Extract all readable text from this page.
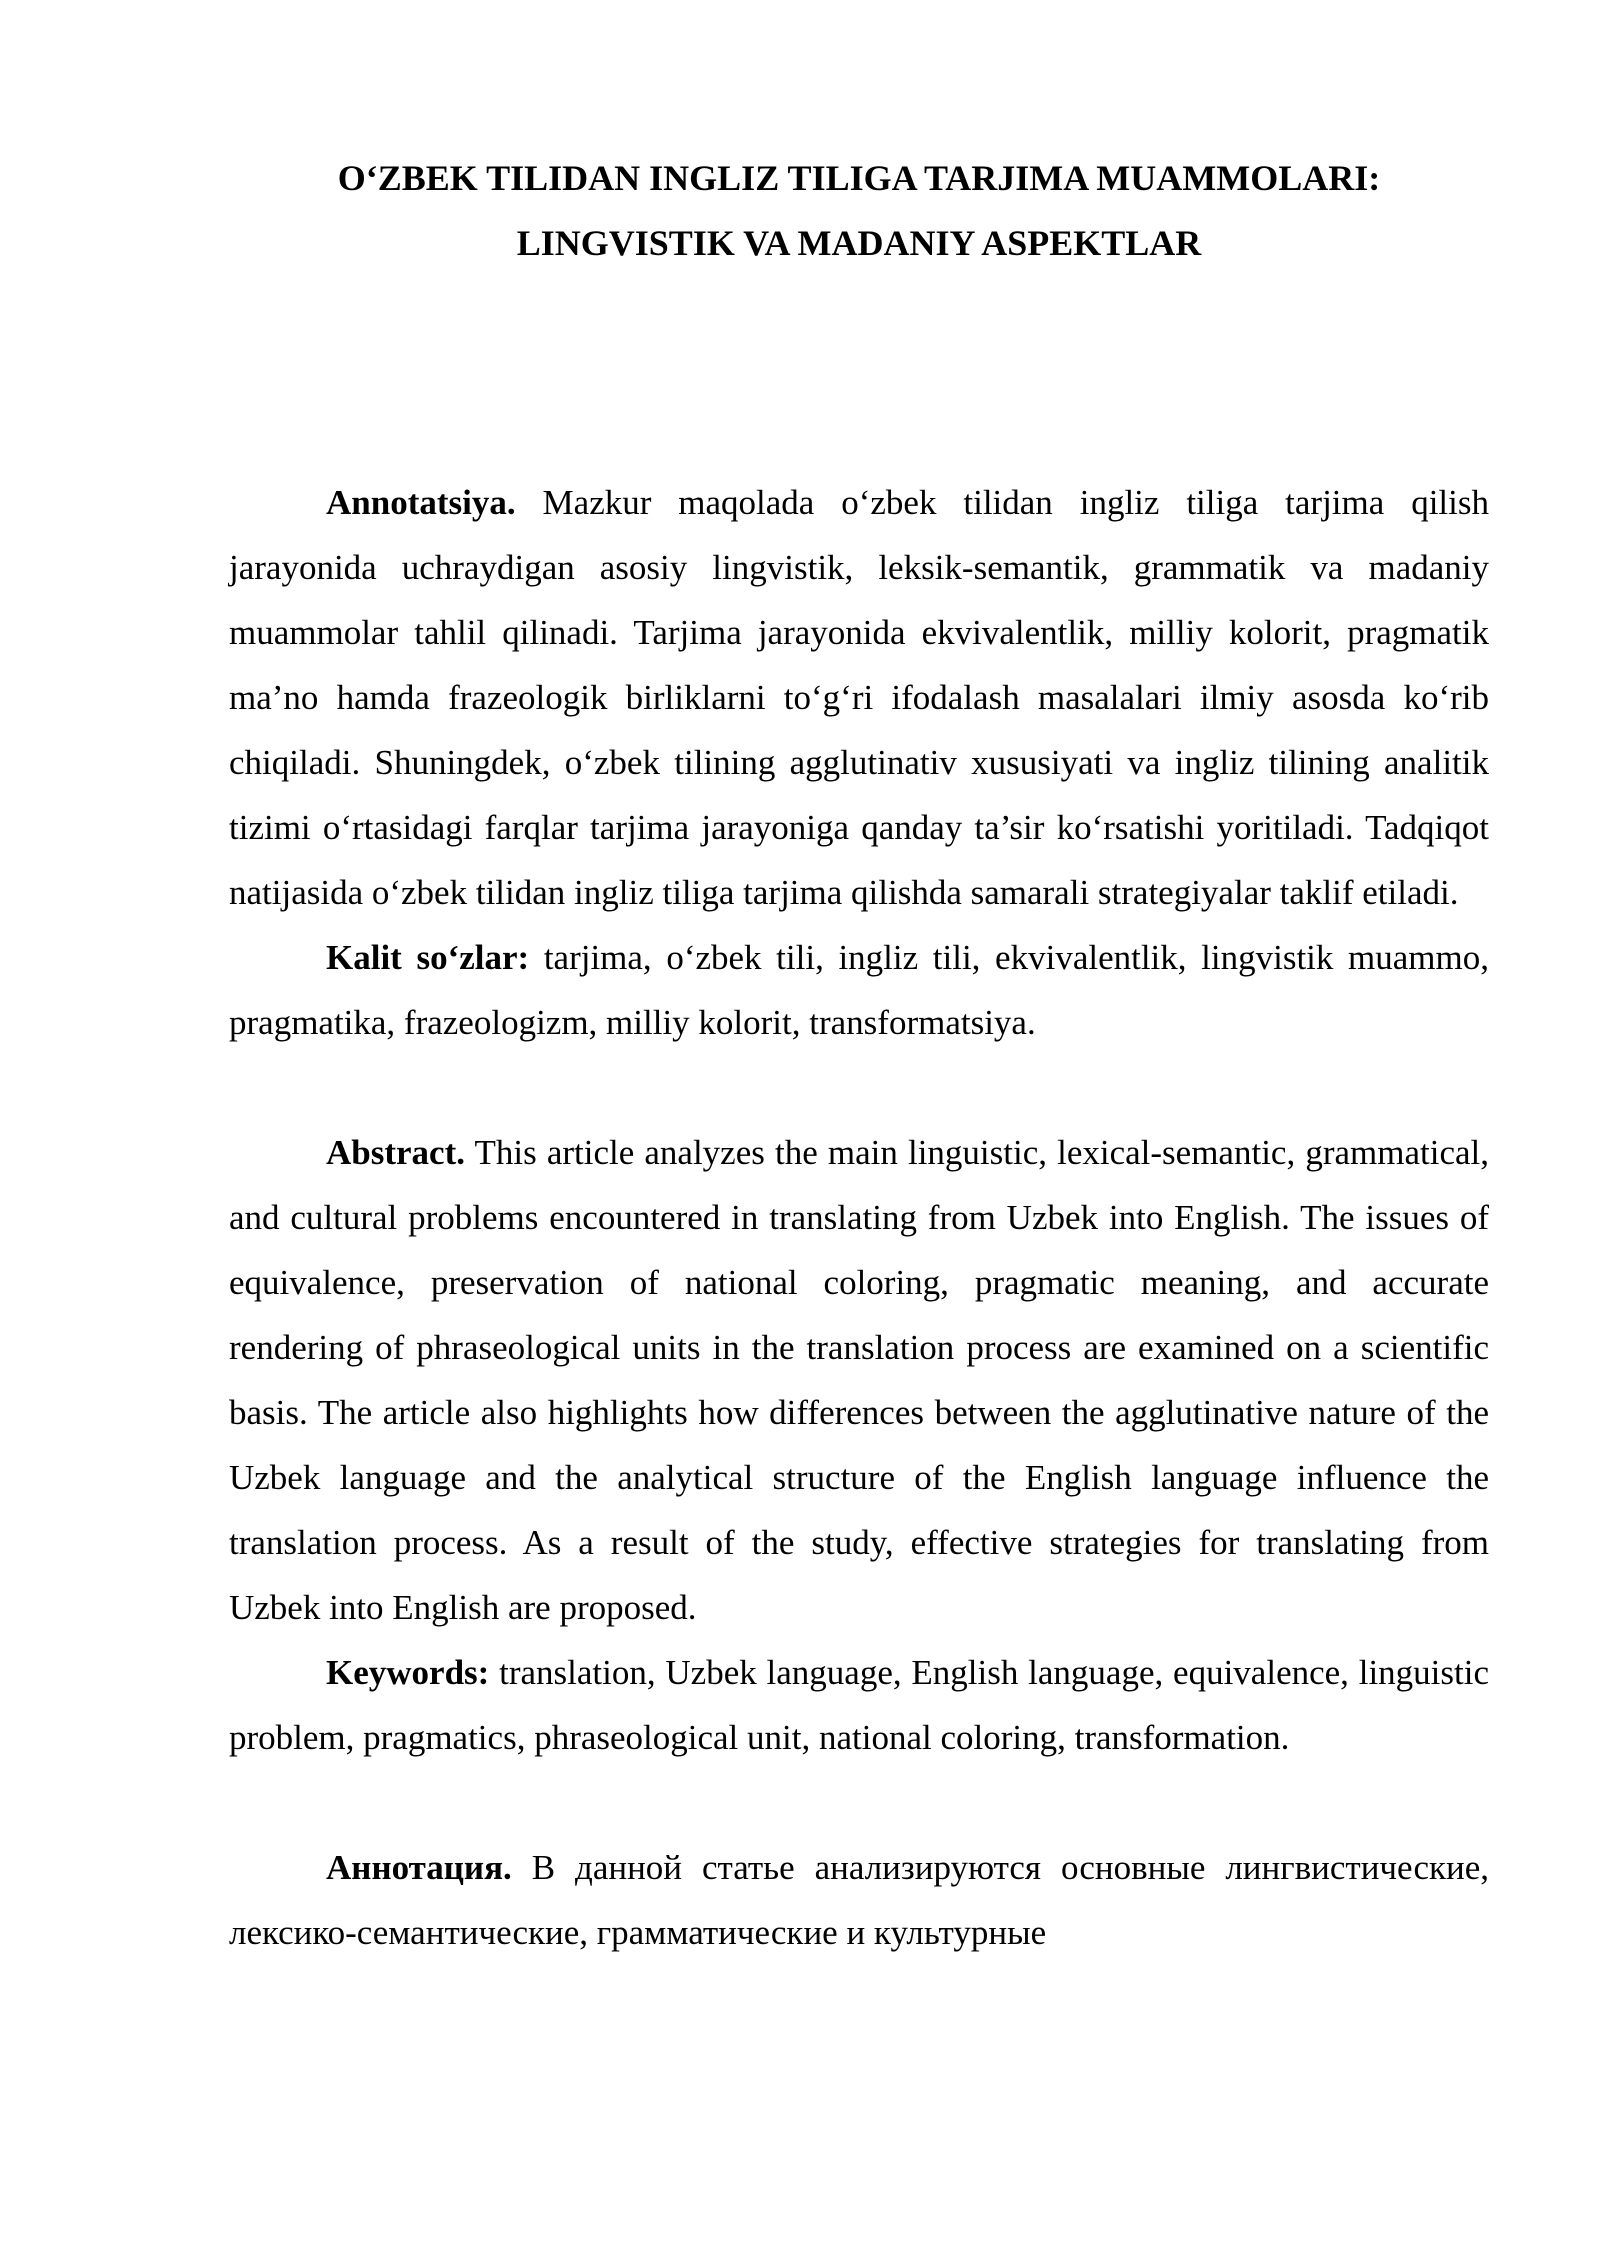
O‘ZBEK TILIDAN INGLIZ TILIGA TARJIMA MUAMMOLARI:
LINGVISTIK VA MADANIY ASPEKTLAR

Annotatsiya. Mazkur maqolada o‘zbek tilidan ingliz tiliga tarjima qilish jarayonida uchraydigan asosiy lingvistik, leksik-semantik, grammatik va madaniy muammolar tahlil qilinadi. Tarjima jarayonida ekvivalentlik, milliy kolorit, pragmatik ma’no hamda frazeologik birliklarni to‘g‘ri ifodalash masalalari ilmiy asosda ko‘rib chiqiladi. Shuningdek, o‘zbek tilining agglutinativ xususiyati va ingliz tilining analitik tizimi o‘rtasidagi farqlar tarjima jarayoniga qanday ta’sir ko‘rsatishi yoritiladi. Tadqiqot natijasida o‘zbek tilidan ingliz tiliga tarjima qilishda samarali strategiyalar taklif etiladi.

Kalit so‘zlar: tarjima, o‘zbek tili, ingliz tili, ekvivalentlik, lingvistik muammo, pragmatika, frazeologizm, milliy kolorit, transformatsiya.

Abstract. This article analyzes the main linguistic, lexical-semantic, grammatical, and cultural problems encountered in translating from Uzbek into English. The issues of equivalence, preservation of national coloring, pragmatic meaning, and accurate rendering of phraseological units in the translation process are examined on a scientific basis. The article also highlights how differences between the agglutinative nature of the Uzbek language and the analytical structure of the English language influence the translation process. As a result of the study, effective strategies for translating from Uzbek into English are proposed.

Keywords: translation, Uzbek language, English language, equivalence, linguistic problem, pragmatics, phraseological unit, national coloring, transformation.

Аннотация. В данной статье анализируются основные лингвистические, лексико-семантические, грамматические и культурные
